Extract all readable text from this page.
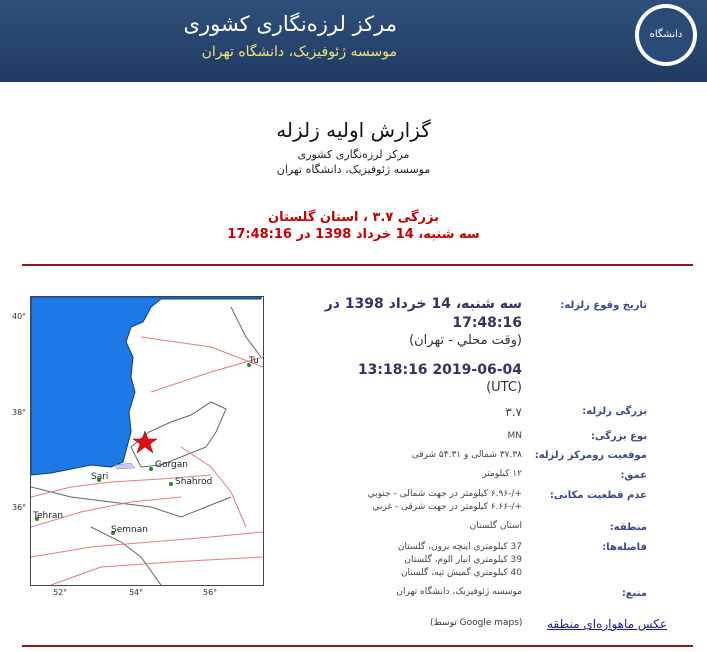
مرکز لرزه‌نگاری کشوری
موسسه ژئوفیزیک، دانشگاه تهران
دانشگاه تهران
گزارش اولیه زلزله
مرکز لرزه‌نگاری کشوری
موسسه ژئوفیزیک، دانشگاه تهران
بزرگی ۳.۷ ، استان گلستان
سه شنبه، 14 خرداد 1398 در 17:48:16
Gorgan
Sari	Shahrod
Tehran
Semnan
Tu
40°
38°
36°
52°	54°	56°
تاریخ وقوع زلزله:
سه شنبه، 14 خرداد 1398 در
17:48:16
(وقت محلي - تهران)
2019-06-04 13:18:16
(UTC)
بزرگی زلزله:
۳.۷
نوع بزرگی:
MN
موقعیت رومرکز زلزله:
۳۷.۳۸ شمالی و ۵۴.۳۱ شرقی
عمق:
۱۲ کیلومتر
عدم قطعیت مکانی:
+/-۶.۹۶ کیلومتر در جهت شمالی - جنوبي
+/-۶.۶۶ کیلومتر در جهت شرقی - غربي
منطقه:
استان گلستان
فاصله‌ها:
37 کیلومتري اینچه برون، گلستان
39 کیلومتري انبار الوم، گلستان
40 کیلومتري گمیش تپه، گلستان
منبع:
موسسه ژئوفیزیک، دانشگاه تهران
عکس ماهواره‌ای منطقه
(توسط Google maps)
